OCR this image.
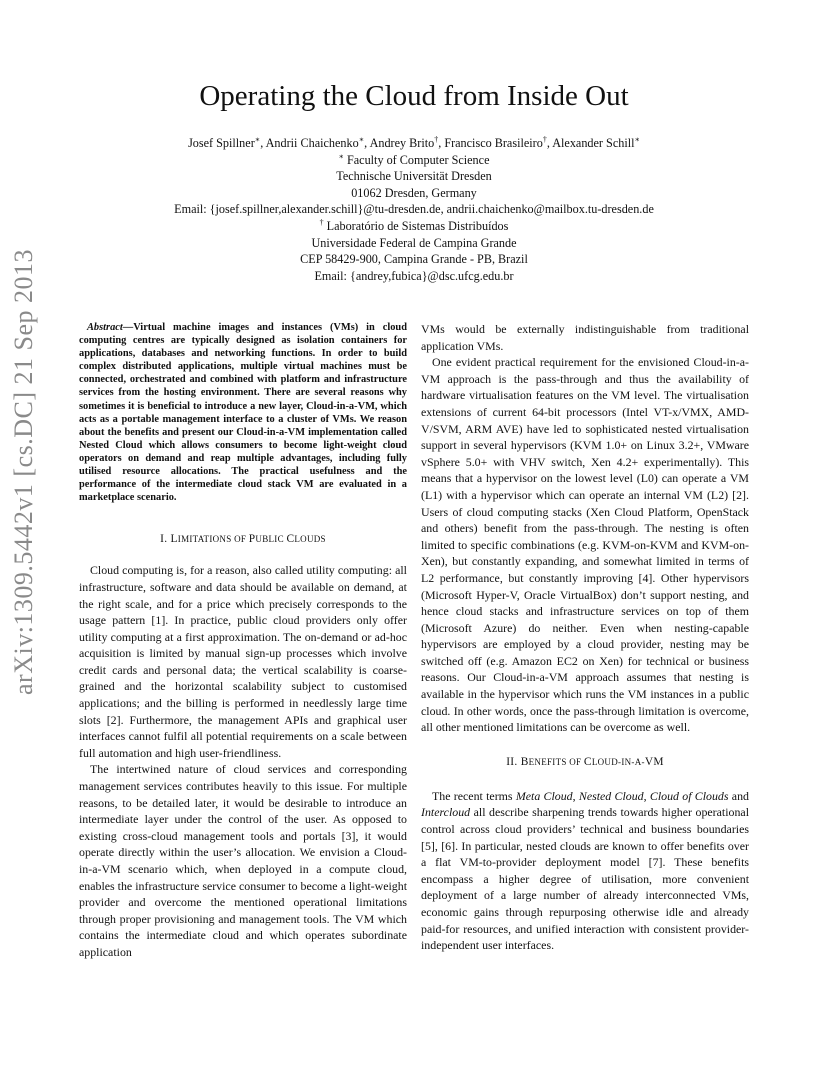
arXiv:1309.5442v1 [cs.DC] 21 Sep 2013
Operating the Cloud from Inside Out
Josef Spillner∗, Andrii Chaichenko∗, Andrey Brito†, Francisco Brasileiro†, Alexander Schill∗
∗ Faculty of Computer Science
Technische Universität Dresden
01062 Dresden, Germany
Email: {josef.spillner,alexander.schill}@tu-dresden.de, andrii.chaichenko@mailbox.tu-dresden.de
† Laboratório de Sistemas Distribuídos
Universidade Federal de Campina Grande
CEP 58429-900, Campina Grande - PB, Brazil
Email: {andrey,fubica}@dsc.ufcg.edu.br

Abstract—Virtual machine images and instances (VMs) in cloud computing centres are typically designed as isolation containers for applications, databases and networking functions. In order to build complex distributed applications, multiple virtual machines must be connected, orchestrated and combined with platform and infrastructure services from the hosting environment. There are several reasons why sometimes it is beneficial to introduce a new layer, Cloud-in-a-VM, which acts as a portable management interface to a cluster of VMs. We reason about the benefits and present our Cloud-in-a-VM implementation called Nested Cloud which allows consumers to become light-weight cloud operators on demand and reap multiple advantages, including fully utilised resource allocations. The practical usefulness and the performance of the intermediate cloud stack VM are evaluated in a marketplace scenario.

I. LIMITATIONS OF PUBLIC CLOUDS

Cloud computing is, for a reason, also called utility computing: all infrastructure, software and data should be available on demand, at the right scale, and for a price which precisely corresponds to the usage pattern [1]. In practice, public cloud providers only offer utility computing at a first approximation. The on-demand or ad-hoc acquisition is limited by manual sign-up processes which involve credit cards and personal data; the vertical scalability is coarse-grained and the horizontal scalability subject to customised applications; and the billing is performed in needlessly large time slots [2]. Furthermore, the management APIs and graphical user interfaces cannot fulfil all potential requirements on a scale between full automation and high user-friendliness.

The intertwined nature of cloud services and corresponding management services contributes heavily to this issue. For multiple reasons, to be detailed later, it would be desirable to introduce an intermediate layer under the control of the user. As opposed to existing cross-cloud management tools and portals [3], it would operate directly within the user’s allocation. We envision a Cloud-in-a-VM scenario which, when deployed in a compute cloud, enables the infrastructure service consumer to become a light-weight provider and overcome the mentioned operational limitations through proper provisioning and management tools. The VM which contains the intermediate cloud and which operates subordinate application

VMs would be externally indistinguishable from traditional application VMs.

One evident practical requirement for the envisioned Cloud-in-a-VM approach is the pass-through and thus the availability of hardware virtualisation features on the VM level. The virtualisation extensions of current 64-bit processors (Intel VT-x/VMX, AMD-V/SVM, ARM AVE) have led to sophisticated nested virtualisation support in several hypervisors (KVM 1.0+ on Linux 3.2+, VMware vSphere 5.0+ with VHV switch, Xen 4.2+ experimentally). This means that a hypervisor on the lowest level (L0) can operate a VM (L1) with a hypervisor which can operate an internal VM (L2) [2]. Users of cloud computing stacks (Xen Cloud Platform, OpenStack and others) benefit from the pass-through. The nesting is often limited to specific combinations (e.g. KVM-on-KVM and KVM-on-Xen), but constantly expanding, and somewhat limited in terms of L2 performance, but constantly improving [4]. Other hypervisors (Microsoft Hyper-V, Oracle VirtualBox) don’t support nesting, and hence cloud stacks and infrastructure services on top of them (Microsoft Azure) do neither. Even when nesting-capable hypervisors are employed by a cloud provider, nesting may be switched off (e.g. Amazon EC2 on Xen) for technical or business reasons. Our Cloud-in-a-VM approach assumes that nesting is available in the hypervisor which runs the VM instances in a public cloud. In other words, once the pass-through limitation is overcome, all other mentioned limitations can be overcome as well.

II. BENEFITS OF CLOUD-IN-A-VM

The recent terms Meta Cloud, Nested Cloud, Cloud of Clouds and Intercloud all describe sharpening trends towards higher operational control across cloud providers’ technical and business boundaries [5], [6]. In particular, nested clouds are known to offer benefits over a flat VM-to-provider deployment model [7]. These benefits encompass a higher degree of utilisation, more convenient deployment of a large number of already interconnected VMs, economic gains through repurposing otherwise idle and already paid-for resources, and unified interaction with consistent provider-independent user interfaces.
